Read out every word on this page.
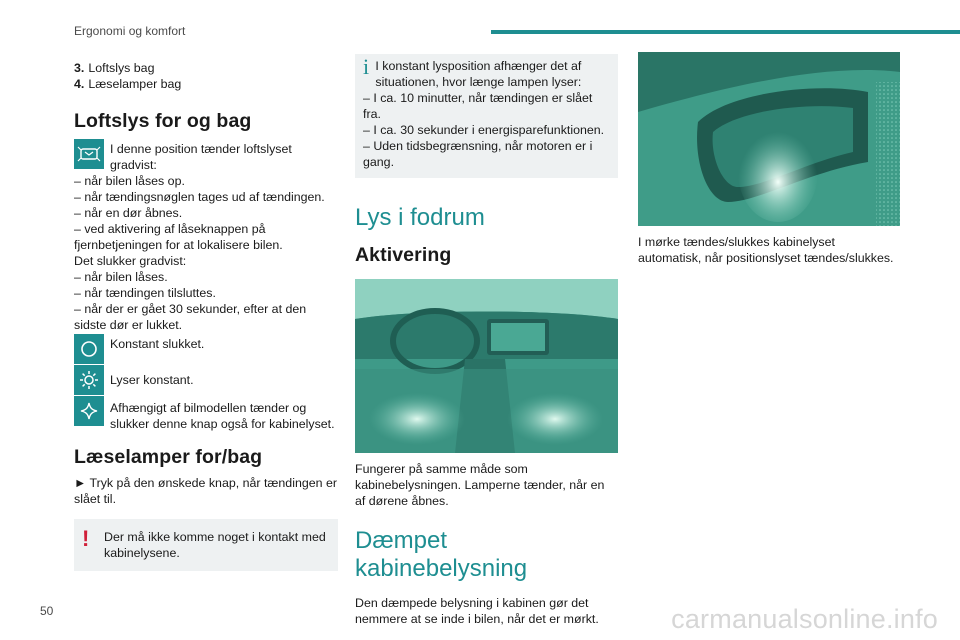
Ergonomi og komfort
3. Loftslys bag
4. Læselamper bag
Loftslys for og bag
I denne position tænder loftslyset gradvist:

– når bilen låses op.

– når tændingsnøglen tages ud af tændingen.

– når en dør åbnes.

– ved aktivering af låseknappen på fjernbetjeningen for at lokalisere bilen.

Det slukker gradvist:

– når bilen låses.

– når tændingen tilsluttes.

– når der er gået 30 sekunder, efter at den sidste dør er lukket.

Konstant slukket.
Lyser konstant.
Afhængigt af bilmodellen tænder og slukker denne knap også for kabinelyset.
Læselamper for/bag

► Tryk på den ønskede knap, når tændingen er slået til.

!	Der må ikke komme noget i kontakt med kabinelysene.
i I konstant lysposition afhænger det af situationen, hvor længe lampen lyser:

– I ca. 10 minutter, når tændingen er slået fra.

– I ca. 30 sekunder i energisparefunktionen.

– Uden tidsbegrænsning, når motoren er i gang.

Lys i fodrum
Aktivering

Fungerer på samme måde som kabinebelysningen. Lamperne tænder, når en af dørene åbnes.

Dæmpet kabinebelysning

Den dæmpede belysning i kabinen gør det nemmere at se inde i bilen, når det er mørkt.

I mørke tændes/slukkes kabinelyset automatisk, når positionslyset tændes/slukkes.

50	carmanualsonline.info
